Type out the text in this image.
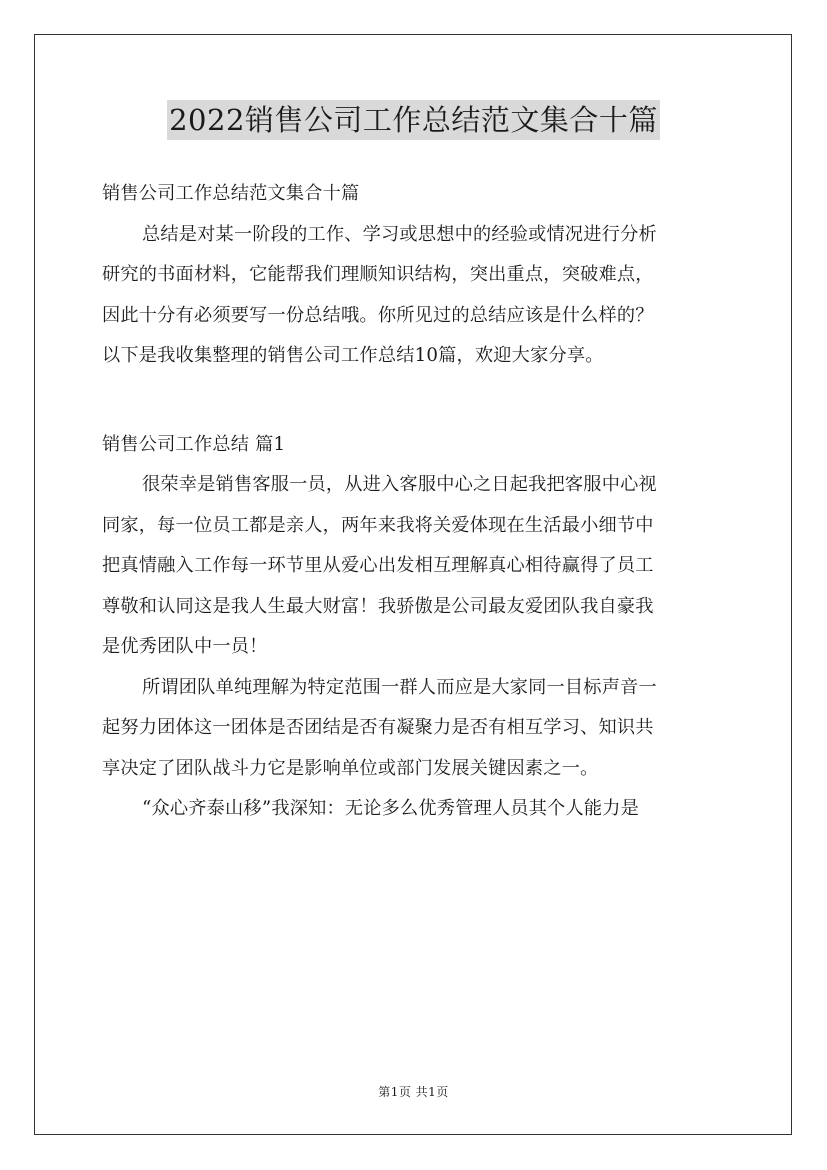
2022销售公司工作总结范文集合十篇

销售公司工作总结范文集合十篇

总结是对某一阶段的工作、学习或思想中的经验或情况进行分析

研究的书面材料，它能帮我们理顺知识结构，突出重点，突破难点，

因此十分有必须要写一份总结哦。你所见过的总结应该是什么样的？

以下是我收集整理的销售公司工作总结10篇，欢迎大家分享。

销售公司工作总结 篇1

很荣幸是销售客服一员，从进入客服中心之日起我把客服中心视

同家，每一位员工都是亲人，两年来我将关爱体现在生活最小细节中

把真情融入工作每一环节里从爱心出发相互理解真心相待赢得了员工

尊敬和认同这是我人生最大财富！我骄傲是公司最友爱团队我自豪我

是优秀团队中一员！

所谓团队单纯理解为特定范围一群人而应是大家同一目标声音一

起努力团体这一团体是否团结是否有凝聚力是否有相互学习、知识共

享决定了团队战斗力它是影响单位或部门发展关键因素之一。

“众心齐泰山移”我深知：无论多么优秀管理人员其个人能力是

第1页 共1页
